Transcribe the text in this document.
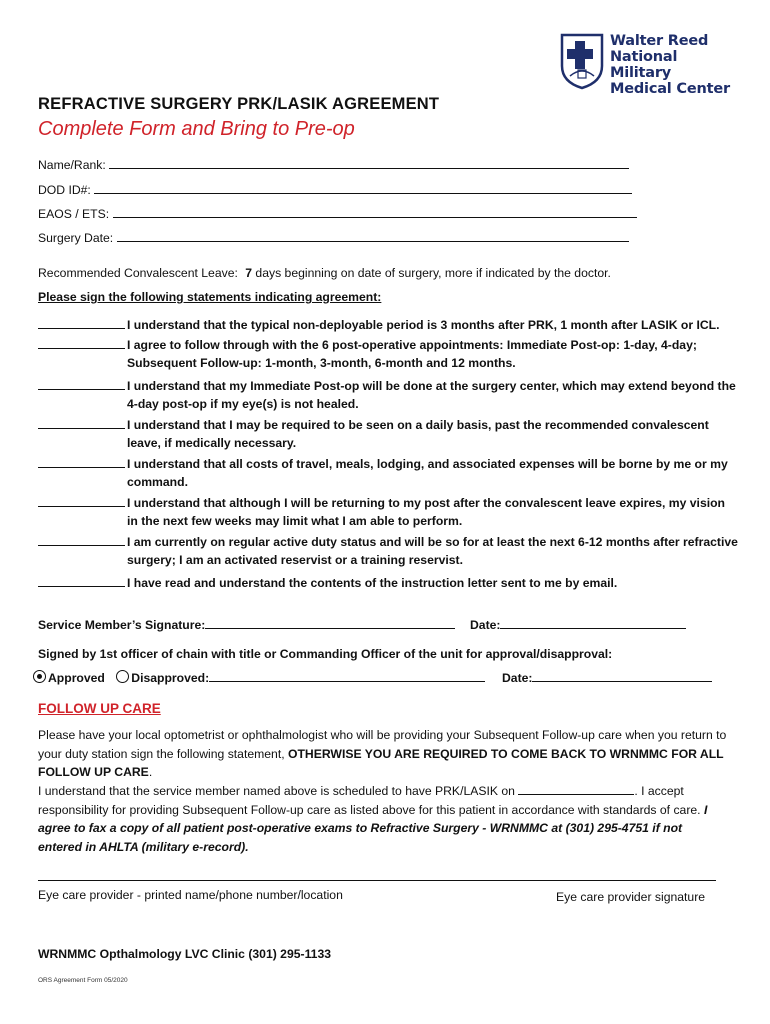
Walter Reed
National Military
Medical Center
REFRACTIVE SURGERY PRK/LASIK AGREEMENT
Complete Form and Bring to Pre-op
Name/Rank:
DOD ID#:
EAOS / ETS:
Surgery Date:
Recommended Convalescent Leave: 7 days beginning on date of surgery, more if indicated by the doctor.
Please sign the following statements indicating agreement:
I understand that the typical non-deployable period is 3 months after PRK, 1 month after LASIK or ICL.
I agree to follow through with the 6 post-operative appointments: Immediate Post-op: 1-day, 4-day; Subsequent Follow-up: 1-month, 3-month, 6-month and 12 months.
I understand that my Immediate Post-op will be done at the surgery center, which may extend beyond the 4-day post-op if my eye(s) is not healed.
I understand that I may be required to be seen on a daily basis, past the recommended convalescent leave, if medically necessary.
I understand that all costs of travel, meals, lodging, and associated expenses will be borne by me or my command.
I understand that although I will be returning to my post after the convalescent leave expires, my vision in the next few weeks may limit what I am able to perform.
I am currently on regular active duty status and will be so for at least the next 6-12 months after refractive surgery; I am an activated reservist or a training reservist.
I have read and understand the contents of the instruction letter sent to me by email.
Service Member’s Signature:	Date:
Signed by 1st officer of chain with title or Commanding Officer of the unit for approval/disapproval:
Approved Disapproved:	Date:
FOLLOW UP CARE
Please have your local optometrist or ophthalmologist who will be providing your Subsequent Follow-up care when you return to your duty station sign the following statement, OTHERWISE YOU ARE REQUIRED TO COME BACK TO WRNMMC FOR ALL FOLLOW UP CARE.
I understand that the service member named above is scheduled to have PRK/LASIK on	. I accept responsibility for providing Subsequent Follow-up care as listed above for this patient in accordance with standards of care. I agree to fax a copy of all patient post-operative exams to Refractive Surgery - WRNMMC at (301) 295-4751 if not entered in AHLTA (military e-record).
Eye care provider - printed name/phone number/location	Eye care provider signature
WRNMMC Opthalmology LVC Clinic (301) 295-1133
ORS Agreement Form 05/2020
